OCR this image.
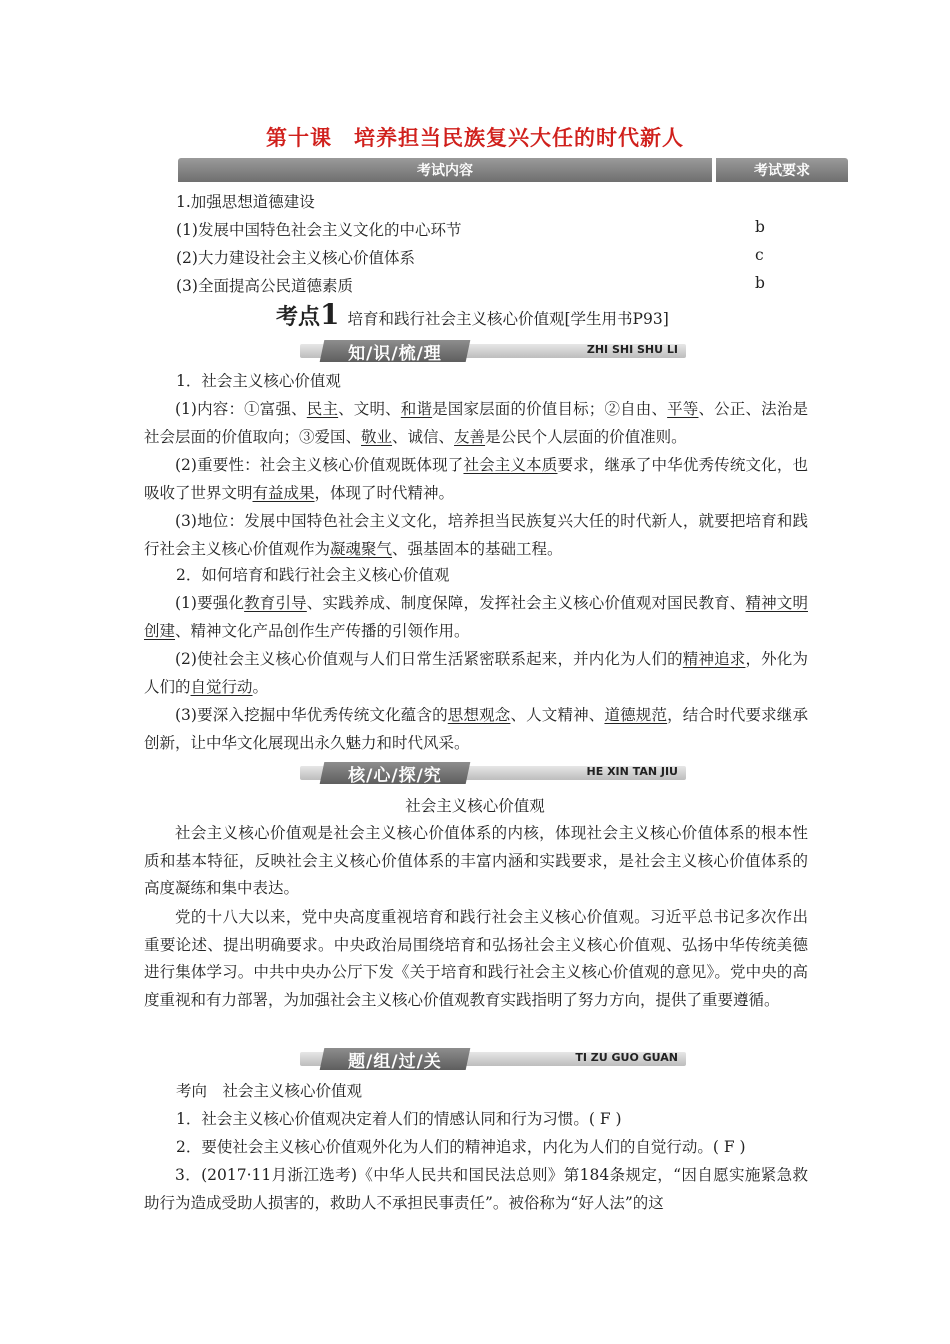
第十课　培养担当民族复兴大任的时代新人
考试内容	考试要求
1.加强思想道德建设
(1)发展中国特色社会主义文化的中心环节	b
(2)大力建设社会主义核心价值体系	c
(3)全面提高公民道德素质	b
考点1 培育和践行社会主义核心价值观[学生用书P93]
知/识/梳/理	ZHI SHI SHU LI
1．社会主义核心价值观
(1)内容：①富强、民主、文明、和谐是国家层面的价值目标；②自由、平等、公正、法治是社会层面的价值取向；③爱国、敬业、诚信、友善是公民个人层面的价值准则。
(2)重要性：社会主义核心价值观既体现了社会主义本质要求，继承了中华优秀传统文化，也吸收了世界文明有益成果，体现了时代精神。
(3)地位：发展中国特色社会主义文化，培养担当民族复兴大任的时代新人，就要把培育和践行社会主义核心价值观作为凝魂聚气、强基固本的基础工程。
2．如何培育和践行社会主义核心价值观
(1)要强化教育引导、实践养成、制度保障，发挥社会主义核心价值观对国民教育、精神文明创建、精神文化产品创作生产传播的引领作用。
(2)使社会主义核心价值观与人们日常生活紧密联系起来，并内化为人们的精神追求，外化为人们的自觉行动。
(3)要深入挖掘中华优秀传统文化蕴含的思想观念、人文精神、道德规范，结合时代要求继承创新，让中华文化展现出永久魅力和时代风采。
核/心/探/究	HE XIN TAN JIU
社会主义核心价值观
社会主义核心价值观是社会主义核心价值体系的内核，体现社会主义核心价值体系的根本性质和基本特征，反映社会主义核心价值体系的丰富内涵和实践要求，是社会主义核心价值体系的高度凝练和集中表达。
党的十八大以来，党中央高度重视培育和践行社会主义核心价值观。习近平总书记多次作出重要论述、提出明确要求。中央政治局围绕培育和弘扬社会主义核心价值观、弘扬中华传统美德进行集体学习。中共中央办公厅下发《关于培育和践行社会主义核心价值观的意见》。党中央的高度重视和有力部署，为加强社会主义核心价值观教育实践指明了努力方向，提供了重要遵循。
题/组/过/关	TI ZU GUO GUAN
考向　社会主义核心价值观
1．社会主义核心价值观决定着人们的情感认同和行为习惯。( F )
2．要使社会主义核心价值观外化为人们的精神追求，内化为人们的自觉行动。( F )
3．(2017·11月浙江选考)《中华人民共和国民法总则》第184条规定，“因自愿实施紧急救助行为造成受助人损害的，救助人不承担民事责任”。被俗称为“好人法”的这
